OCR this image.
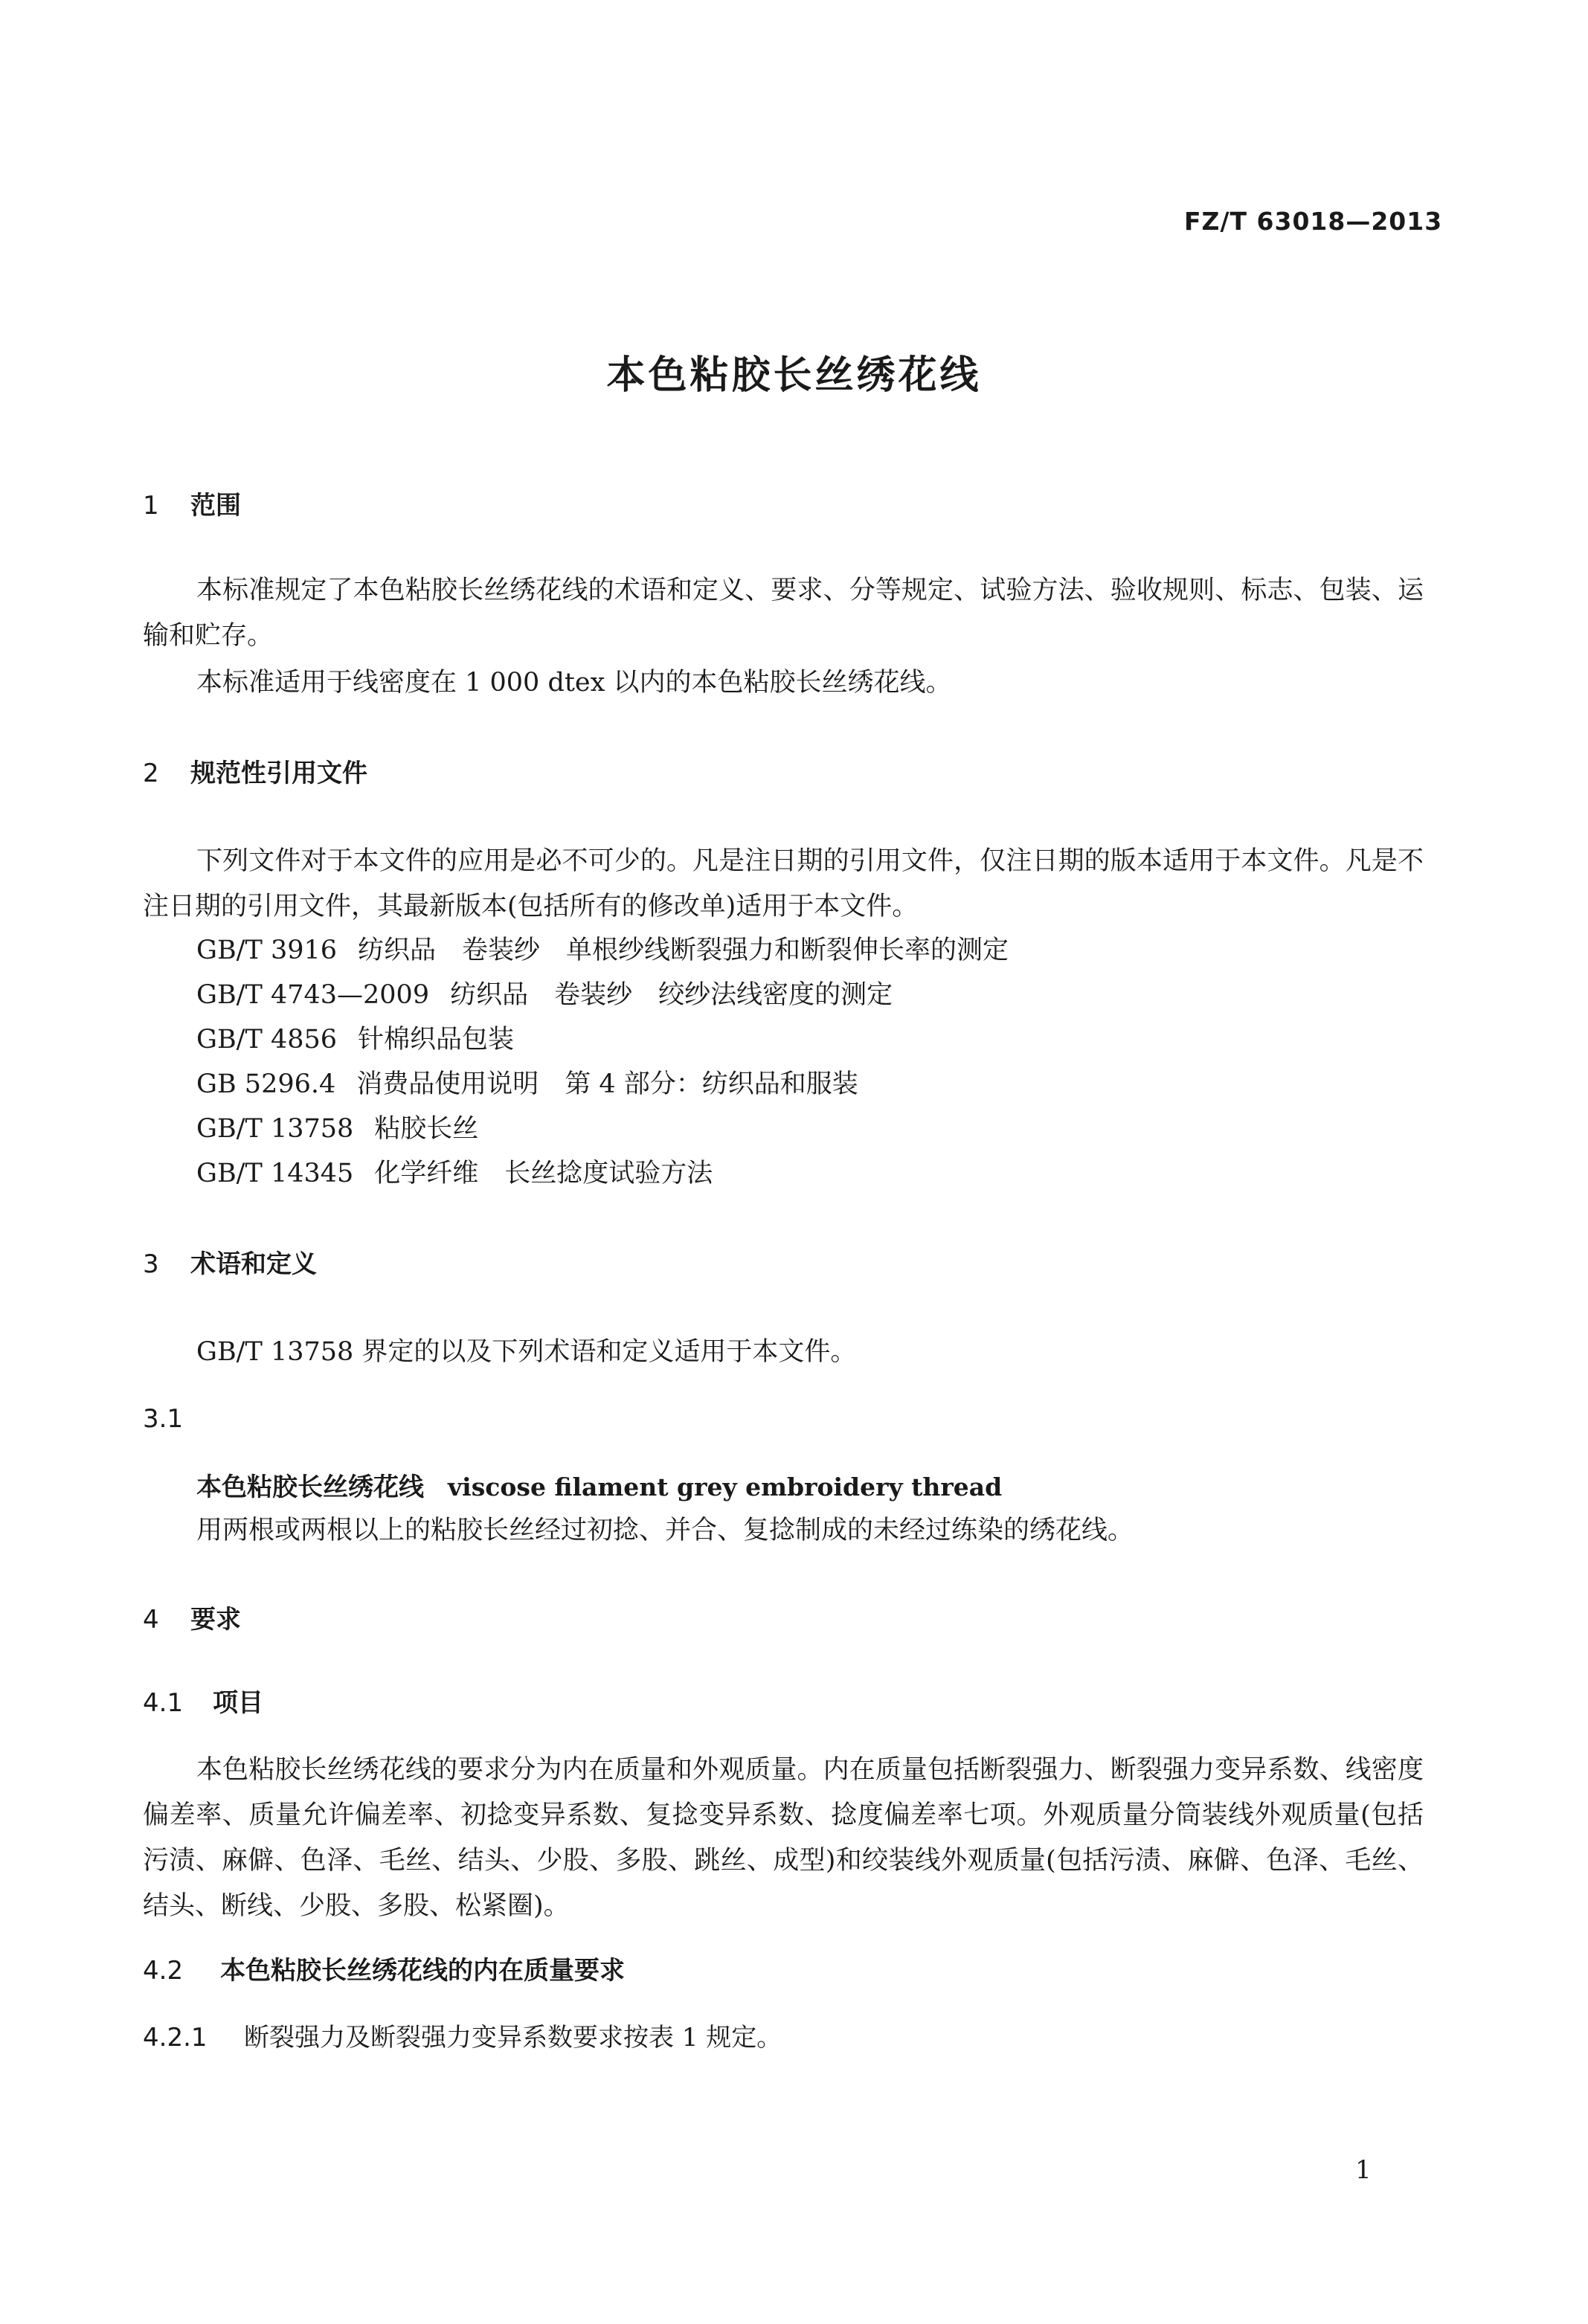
FZ/T 63018—2013
本色粘胶长丝绣花线
1 范围
本标准规定了本色粘胶长丝绣花线的术语和定义、要求、分等规定、试验方法、验收规则、标志、包装、运输和贮存。
本标准适用于线密度在 1 000 dtex 以内的本色粘胶长丝绣花线。
2 规范性引用文件
下列文件对于本文件的应用是必不可少的。凡是注日期的引用文件，仅注日期的版本适用于本文件。凡是不注日期的引用文件，其最新版本(包括所有的修改单)适用于本文件。
GB/T 3916 纺织品　卷装纱　单根纱线断裂强力和断裂伸长率的测定
GB/T 4743—2009 纺织品　卷装纱　绞纱法线密度的测定
GB/T 4856 针棉织品包装
GB 5296.4 消费品使用说明　第 4 部分：纺织品和服装
GB/T 13758 粘胶长丝
GB/T 14345 化学纤维　长丝捻度试验方法
3 术语和定义
GB/T 13758 界定的以及下列术语和定义适用于本文件。
3.1
本色粘胶长丝绣花线 viscose filament grey embroidery thread
用两根或两根以上的粘胶长丝经过初捻、并合、复捻制成的未经过练染的绣花线。
4 要求
4.1 项目
本色粘胶长丝绣花线的要求分为内在质量和外观质量。内在质量包括断裂强力、断裂强力变异系数、线密度偏差率、质量允许偏差率、初捻变异系数、复捻变异系数、捻度偏差率七项。外观质量分筒装线外观质量(包括污渍、麻僻、色泽、毛丝、结头、少股、多股、跳丝、成型)和绞装线外观质量(包括污渍、麻僻、色泽、毛丝、结头、断线、少股、多股、松紧圈)。
4.2 本色粘胶长丝绣花线的内在质量要求
4.2.1 断裂强力及断裂强力变异系数要求按表 1 规定。
1
